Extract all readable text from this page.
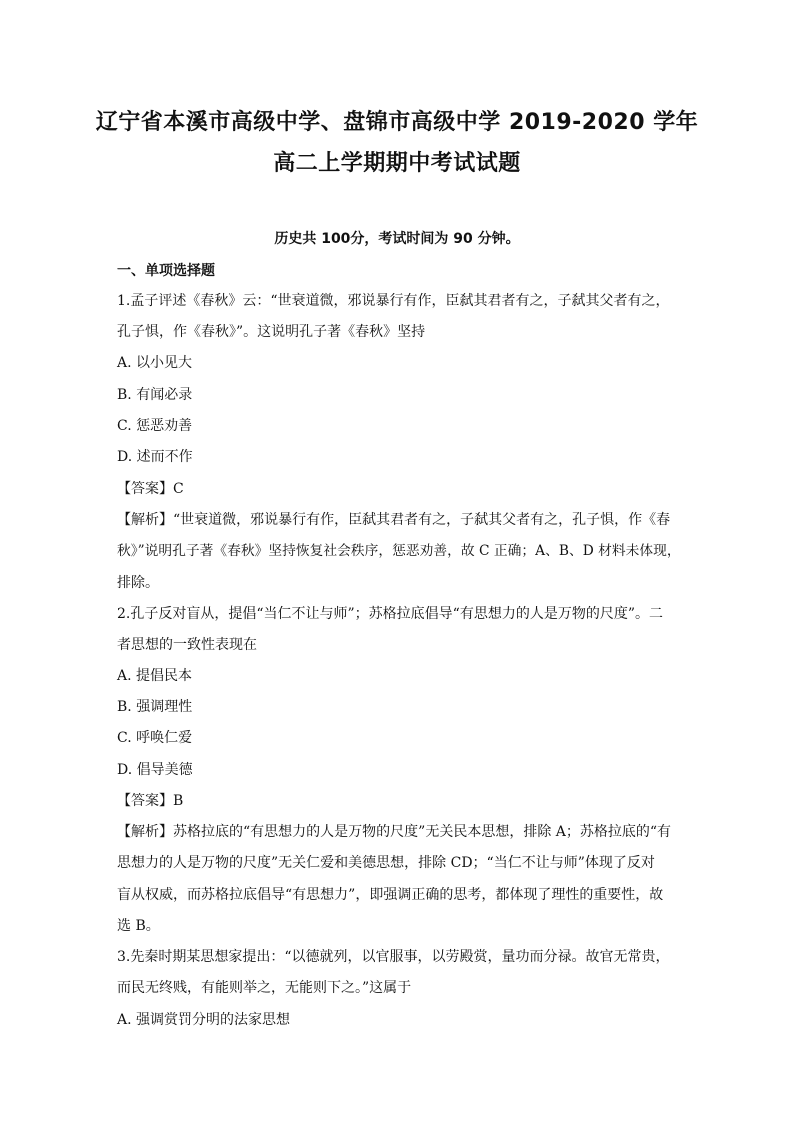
辽宁省本溪市高级中学、盘锦市高级中学 2019-2020 学年
高二上学期期中考试试题
历史共 100分，考试时间为 90 分钟。
一、单项选择题
1.孟子评述《春秋》云：“世衰道微，邪说暴行有作，臣弑其君者有之，子弑其父者有之，
孔子惧，作《春秋》”。这说明孔子著《春秋》坚持
A. 以小见大
B. 有闻必录
C. 惩恶劝善
D. 述而不作
【答案】C
【解析】“世衰道微，邪说暴行有作，臣弑其君者有之，子弑其父者有之，孔子惧，作《春
秋》”说明孔子著《春秋》坚持恢复社会秩序，惩恶劝善，故 C 正确；A、B、D 材料未体现，
排除。
2.孔子反对盲从，提倡“当仁不让与师”；苏格拉底倡导“有思想力的人是万物的尺度”。二
者思想的一致性表现在
A. 提倡民本
B. 强调理性
C. 呼唤仁爱
D. 倡导美德
【答案】B
【解析】苏格拉底的“有思想力的人是万物的尺度”无关民本思想，排除 A；苏格拉底的“有
思想力的人是万物的尺度”无关仁爱和美德思想，排除 CD；“当仁不让与师”体现了反对
盲从权威，而苏格拉底倡导“有思想力”，即强调正确的思考，都体现了理性的重要性，故
选 B。
3.先秦时期某思想家提出：“以德就列，以官服事，以劳殿赏，量功而分禄。故官无常贵，
而民无终贱，有能则举之，无能则下之。”这属于
A. 强调赏罚分明的法家思想
